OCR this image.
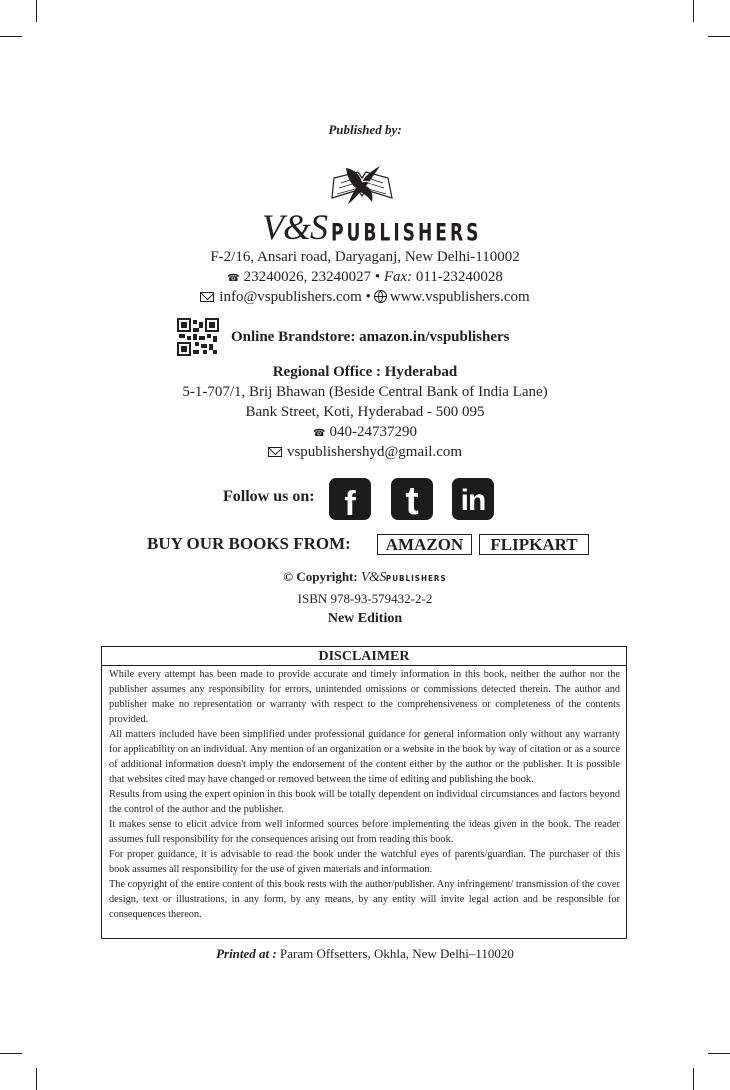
Published by:
V&S PUBLISHERS
F-2/16, Ansari road, Daryaganj, New Delhi-110002
☎ 23240026, 23240027 • Fax: 011-23240028
info@vspublishers.com • www.vspublishers.com
Online Brandstore: amazon.in/vspublishers
Regional Office : Hyderabad
5-1-707/1, Brij Bhawan (Beside Central Bank of India Lane)
Bank Street, Koti, Hyderabad - 500 095
☎ 040-24737290
vspublishershyd@gmail.com
Follow us on: f	t	in
BUY OUR BOOKS FROM:	AMAZON	FLIPKART
© Copyright: V&SPUBLISHERS
ISBN 978-93-579432-2-2
New Edition
DISCLAIMER

While every attempt has been made to provide accurate and timely information in this book, neither the author nor the publisher assumes any responsibility for errors, unintended omissions or commissions detected therein. The author and publisher make no representation or warranty with respect to the comprehensiveness or completeness of the contents provided.

All matters included have been simplified under professional guidance for general information only without any warranty for applicability on an individual. Any mention of an organization or a website in the book by way of citation or as a source of additional information doesn't imply the endorsement of the content either by the author or the publisher. It is possible that websites cited may have changed or removed between the time of editing and publishing the book.

Results from using the expert opinion in this book will be totally dependent on individual circumstances and factors beyond the control of the author and the publisher.

It makes sense to elicit advice from well informed sources before implementing the ideas given in the book. The reader assumes full responsibility for the consequences arising out from reading this book.

For proper guidance, it is advisable to read the book under the watchful eyes of parents/guardian. The purchaser of this book assumes all responsibility for the use of given materials and information.

The copyright of the entire content of this book rests with the author/publisher. Any infringement/ transmission of the cover design, text or illustrations, in any form, by any means, by any entity will invite legal action and be responsible for consequences thereon.

Printed at : Param Offsetters, Okhla, New Delhi–110020
